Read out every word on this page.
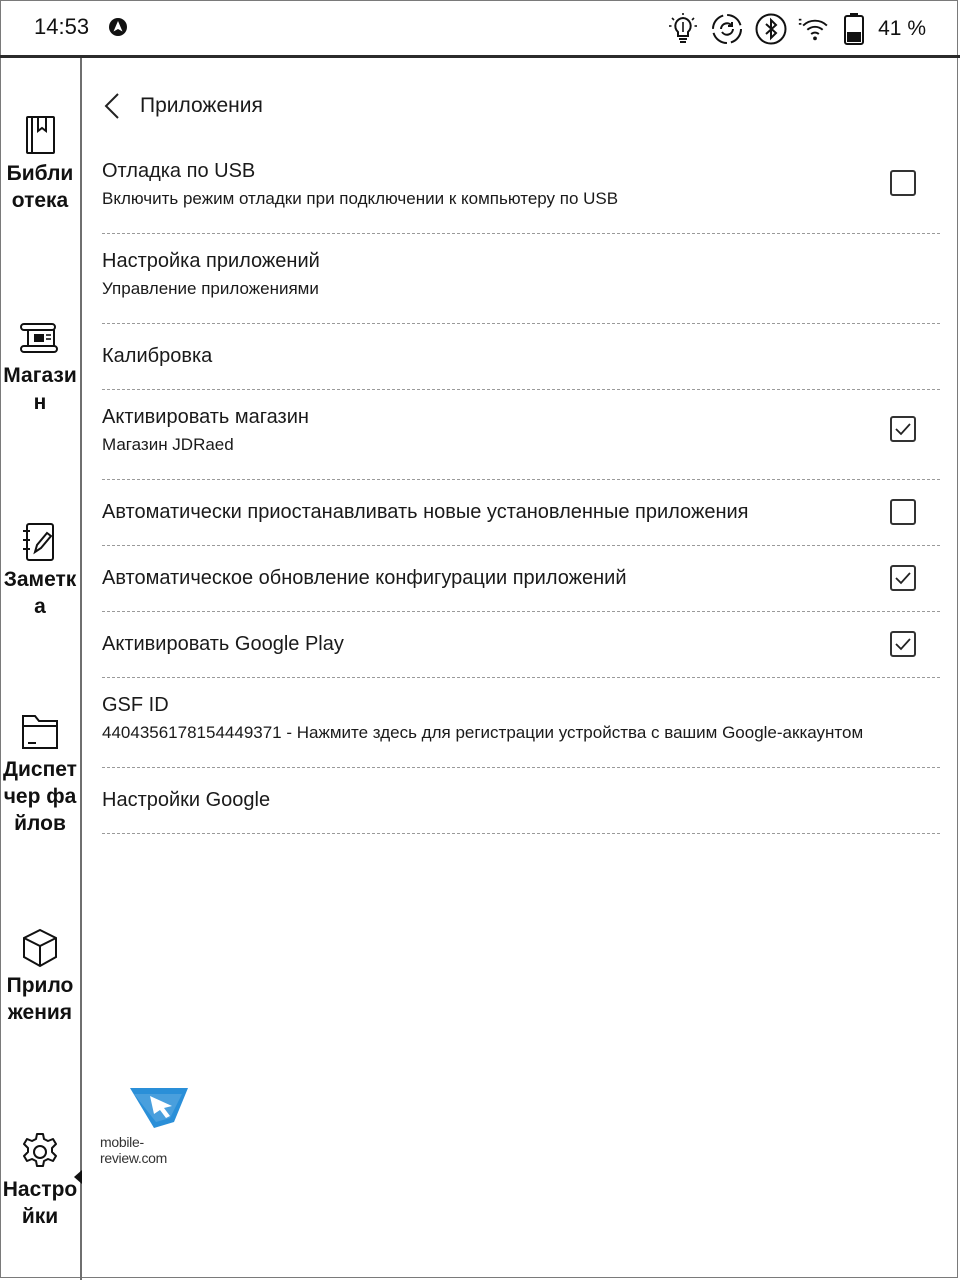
14:53	41 %
Библиотека
Магазин
Заметка
Диспетчер файлов
Приложения
Настройки
Приложения
Отладка по USB
Включить режим отладки при подключении к компьютеру по USB
Настройка приложений
Управление приложениями
Калибровка
Активировать магазин
Магазин JDRaed
Автоматически приостанавливать новые установленные приложения
Автоматическое обновление конфигурации приложений
Активировать Google Play
GSF ID
4404356178154449371 - Нажмите здесь для регистрации устройства с вашим Google-аккаунтом
Настройки Google
mobile-review.com
